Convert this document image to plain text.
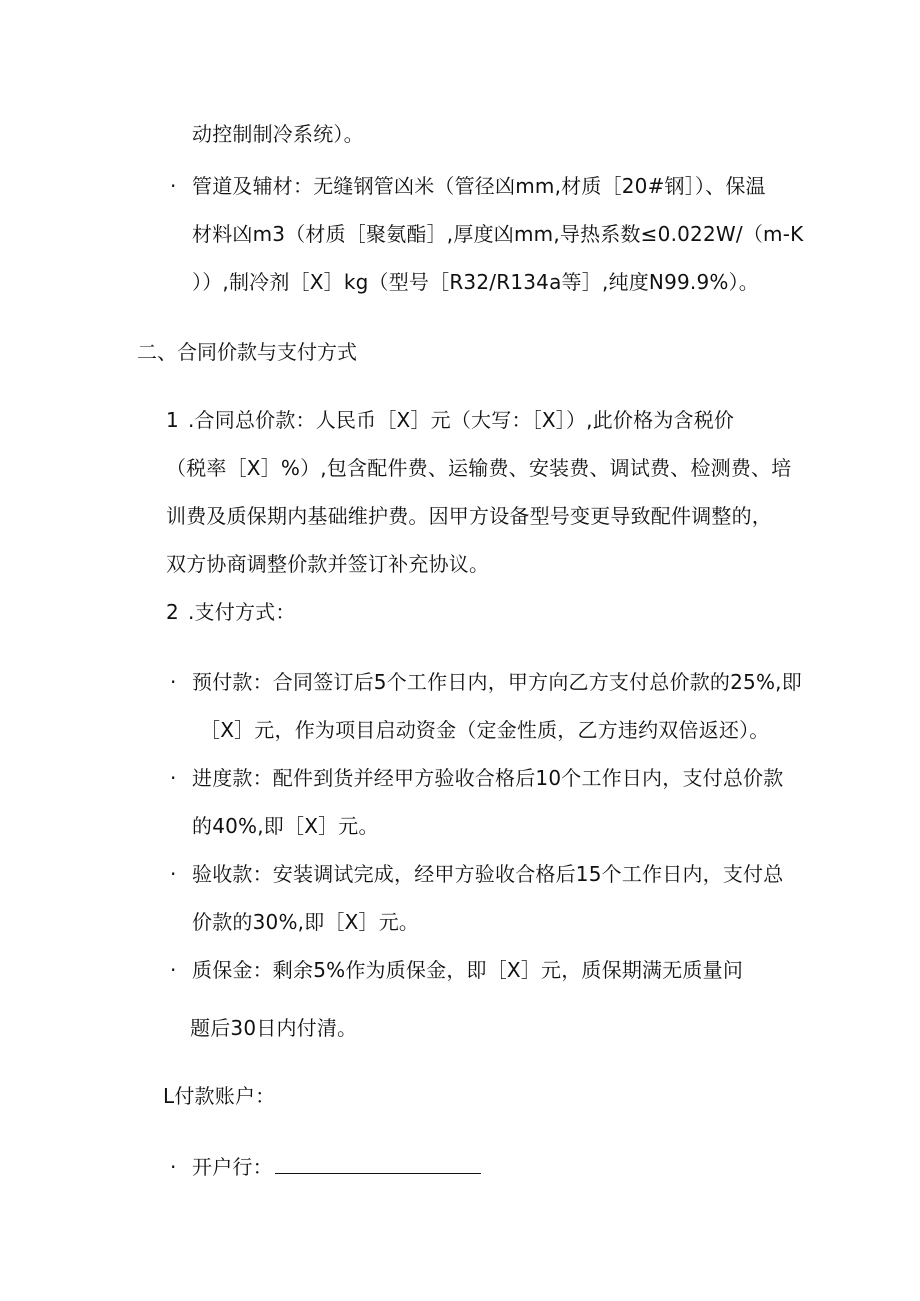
动控制制冷系统）。
· 管道及辅材：无缝钢管凶米（管径凶mm,材质［20#钢］）、保温
材料凶m3（材质［聚氨酯］,厚度凶mm,导热系数≤0.022W/（m-K
））,制冷剂［X］kg（型号［R32/R134a等］,纯度N99.9%）。
二、合同价款与支付方式
1 .合同总价款：人民币［X］元（大写：［X］）,此价格为含税价
（税率［X］%）,包含配件费、运输费、安装费、调试费、检测费、培
训费及质保期内基础维护费。因甲方设备型号变更导致配件调整的，
双方协商调整价款并签订补充协议。
2 .支付方式：
· 预付款：合同签订后5个工作日内，甲方向乙方支付总价款的25%,即
［X］元，作为项目启动资金（定金性质，乙方违约双倍返还）。
· 进度款：配件到货并经甲方验收合格后10个工作日内，支付总价款
的40%,即［X］元。
· 验收款：安装调试完成，经甲方验收合格后15个工作日内，支付总
价款的30%,即［X］元。
· 质保金：剩余5%作为质保金，即［X］元，质保期满无质量问
题后30日内付清。
L付款账户：
· 开户行：
